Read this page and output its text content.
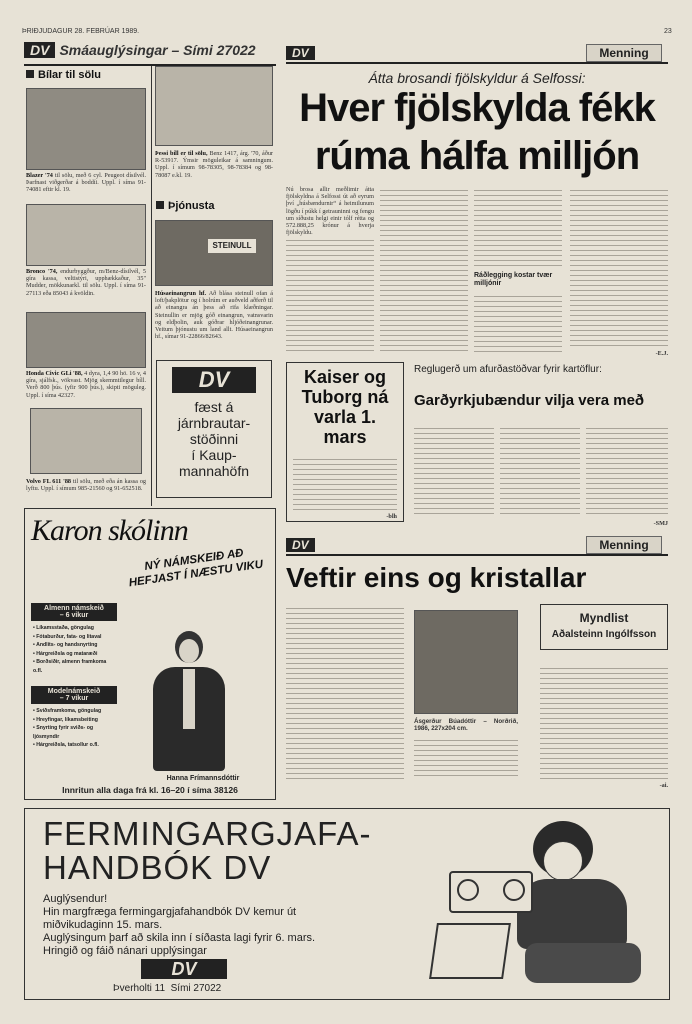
ÞRIÐJUDAGUR 28. FEBRÚAR 1989.	23
DV Smáauglýsingar – Sími 27022
Bílar til sölu
Blazer '74 til sölu, með 6 cyl. Peugeot dísilvél. Þarfnast viðgerðar á boddíi. Uppl. í síma 91-74081 eftir kl. 19.
Bronco '74, endurbyggður, m/Benz-dísilvél, 5 gíra kassa, veltistýri, upphækkaður, 35" Mudder, mökkunarkl. til sölu. Uppl. í síma 91-27113 eða 85043 á kvöldin.
Honda Civic GLi '88, 4 dyra, 1,4 90 hö. 16 v, 4 gíra, sjálfsk., vökvast. Mjög skemmtilegur bíll. Verð 800 þús. (yfir 900 þús.), skipti möguleg. Uppl. í síma 42327.
Volvo FL 611 '88 til sölu, með eða án kassa og lyftu. Uppl. í símum 985-21560 og 91-652518.
Þessi bíll er til sölu, Benz 1417, árg. '70, áður R-53917. Ýmsir möguleikar á samningum. Uppl. í símum 98-78305, 98-78384 og 98-78087 e.kl. 19.
Þjónusta
STEINULL
Húsaeinangrun hf. Að blása steinull ofan á loft/þakplötur og í holrúm er auðveld aðferð til að einangra án þess að rifa klæðningar. Steinullin er mjög góð einangrun, vatnsvarin og eldþolin, auk góðrar hljóðeinangrunar. Veitum þjónustu um land allt. Húsaeinangrun hf., símar 91-22866/82643.
DV
fæst á
járnbrautar-
stöðinni
í Kaup-
mannahöfn
Karon skólinn
NÝ NÁMSKEIÐ AÐ HEFJAST Í NÆSTU VIKU
Almenn námskeið
– 6 vikur
• Líkamsstaða, göngulag
• Fótaburður, fata- og litaval
• Andlits- og handsnyrting
• Hárgreiðsla og mataræði
• Borðsiðir, almenn framkoma o.fl.
Modelnámskeið
– 7 vikur
• Sviðsframkoma, göngulag
• Hreyfingar, líkamsbeiting
• Snyrting fyrir sviðs- og ljósmyndir
• Hárgreiðsla, tatsollur o.fl.
Hanna Frímannsdóttir
Innritun alla daga frá kl. 16–20 í síma 38126
DV	Menning
Átta brosandi fjölskyldur á Selfossi:
Hver fjölskylda fékk
rúma hálfa milljón
Nú brosa allir meðlimir átta fjölskyldna á Selfossi út að eyrum því „húsbændurnir“ á heimilunum lögðu í púkk í getrauninni og fengu um síðustu helgi einir tólf rétta og 572.888,25 krónur á hverja fjölskyldu.
Ráðlegging kostar tvær milljónir
-E.J.
Kaiser og Tuborg ná varla 1. mars
-blh
Reglugerð um afurðastöðvar fyrir kartöflur:
Garðyrkjubændur vilja vera með
-SMJ
DV	Menning
Veftir eins og kristallar
Ásgerður Búadóttir – Norðrið, 1986, 227x204 cm.
Myndlist
Aðalsteinn Ingólfsson
-ai.
FERMINGARGJAFA-
HANDBÓK DV
Auglýsendur!
Hin margfræga fermingargjafahandbók DV kemur út
miðvikudaginn 15. mars.
Auglýsingum þarf að skila inn í síðasta lagi fyrir 6. mars.
Hringið og fáið nánari upplýsingar
DV
Þverholti 11 Sími 27022
